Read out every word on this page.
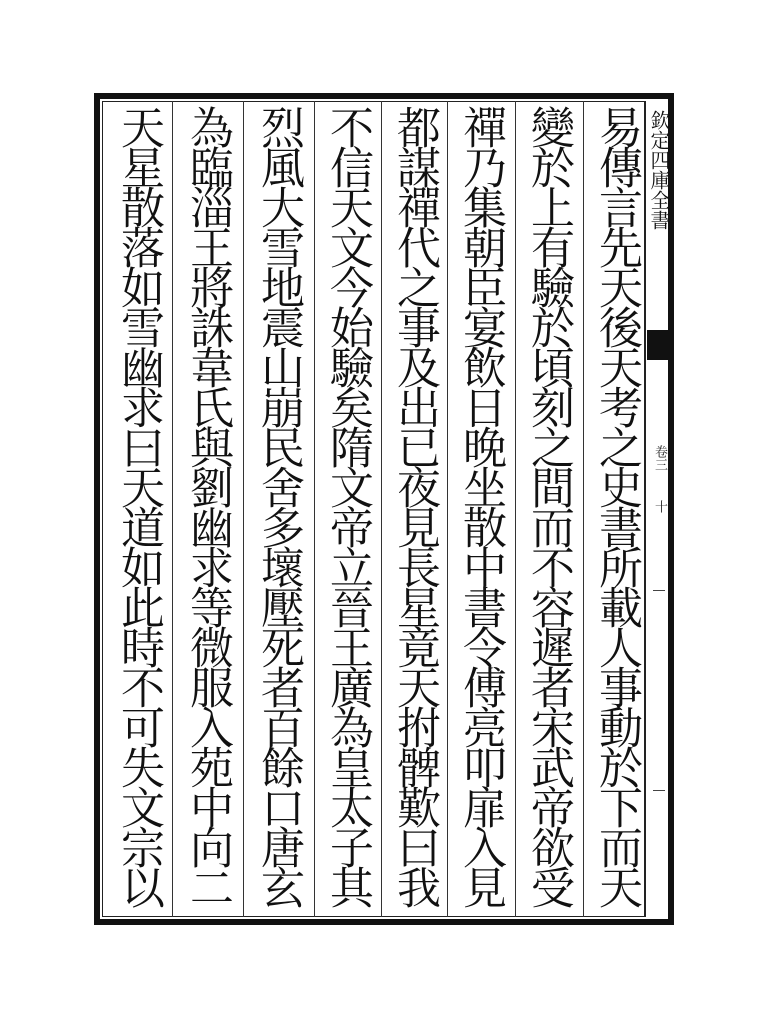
欽定四庫全書
卷三
十
易傳言先天後天考之史書所載人事動於下而天
變於上有驗於頃刻之間而不容遲者宋武帝欲受
禪乃集朝臣宴飲日晚坐散中書令傅亮叩扉入見
都謀禪代之事及出已夜見長星竟天拊髀歎曰我
不信天文今始驗矣隋文帝立晉王廣為皇太子其
烈風大雪地震山崩民舍多壞壓死者百餘口唐玄
為臨淄王將誅韋氏與劉幽求等微服入苑中向二
天星散落如雪幽求曰天道如此時不可失文宗以
